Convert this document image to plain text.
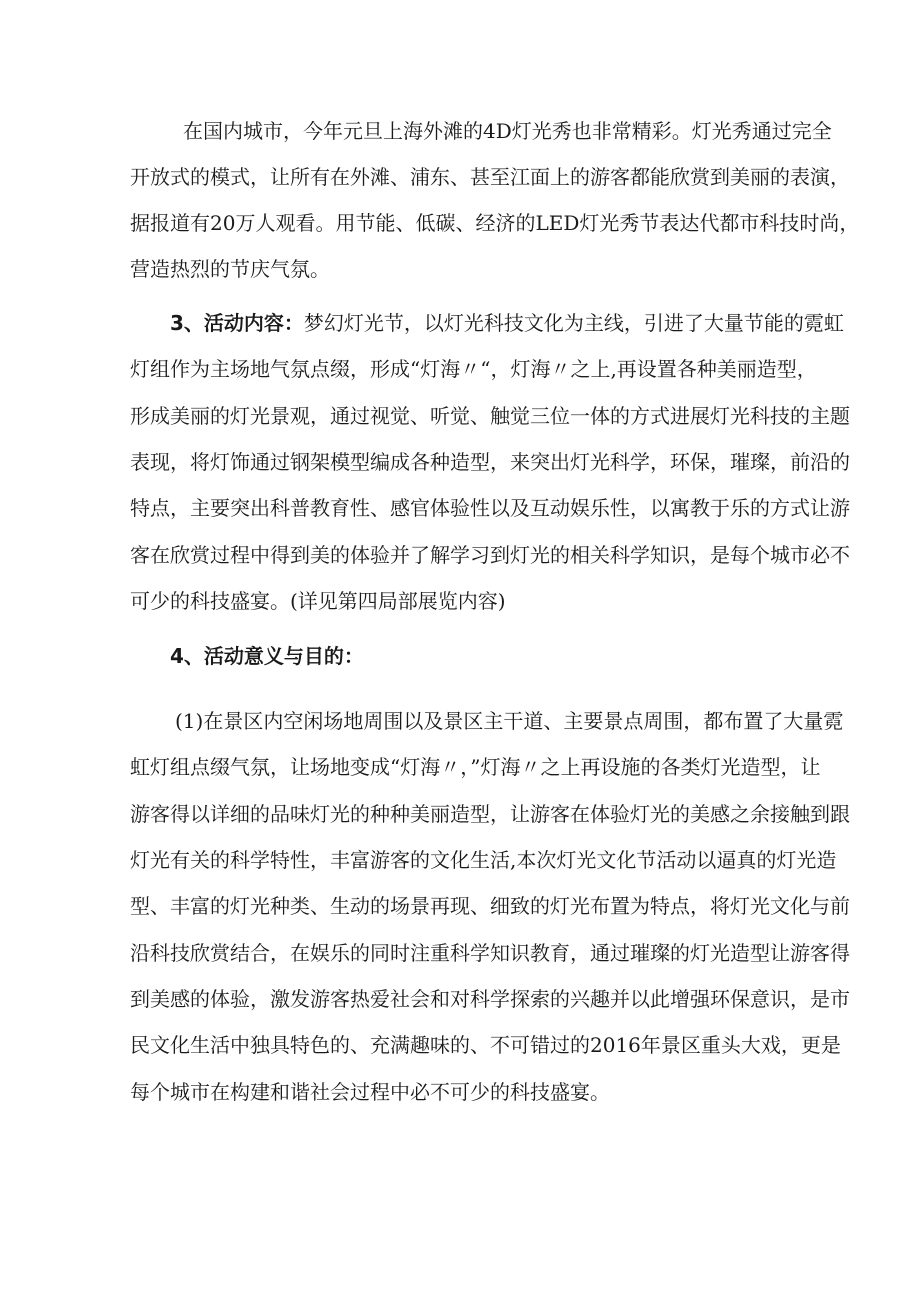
在国内城市，今年元旦上海外滩的4D灯光秀也非常精彩。灯光秀通过完全
开放式的模式，让所有在外滩、浦东、甚至江面上的游客都能欣赏到美丽的表演，
据报道有20万人观看。用节能、低碳、经济的LED灯光秀节表达代都市科技时尚，
营造热烈的节庆气氛。
3、活动内容：梦幻灯光节，以灯光科技文化为主线，引进了大量节能的霓虹
灯组作为主场地气氛点缀，形成“灯海〃“，灯海〃之上,再设置各种美丽造型，
形成美丽的灯光景观，通过视觉、听觉、触觉三位一体的方式进展灯光科技的主题
表现，将灯饰通过钢架模型编成各种造型，来突出灯光科学，环保，璀璨，前沿的
特点，主要突出科普教育性、感官体验性以及互动娱乐性，以寓教于乐的方式让游
客在欣赏过程中得到美的体验并了解学习到灯光的相关科学知识，是每个城市必不
可少的科技盛宴。(详见第四局部展览内容)
4、活动意义与目的：
(1)在景区内空闲场地周围以及景区主干道、主要景点周围，都布置了大量霓
虹灯组点缀气氛，让场地变成“灯海〃，”灯海〃之上再设施的各类灯光造型，让
游客得以详细的品味灯光的种种美丽造型，让游客在体验灯光的美感之余接触到跟
灯光有关的科学特性，丰富游客的文化生活,本次灯光文化节活动以逼真的灯光造
型、丰富的灯光种类、生动的场景再现、细致的灯光布置为特点，将灯光文化与前
沿科技欣赏结合，在娱乐的同时注重科学知识教育，通过璀璨的灯光造型让游客得
到美感的体验，激发游客热爱社会和对科学探索的兴趣并以此增强环保意识，是市
民文化生活中独具特色的、充满趣味的、不可错过的2016年景区重头大戏，更是
每个城市在构建和谐社会过程中必不可少的科技盛宴。
